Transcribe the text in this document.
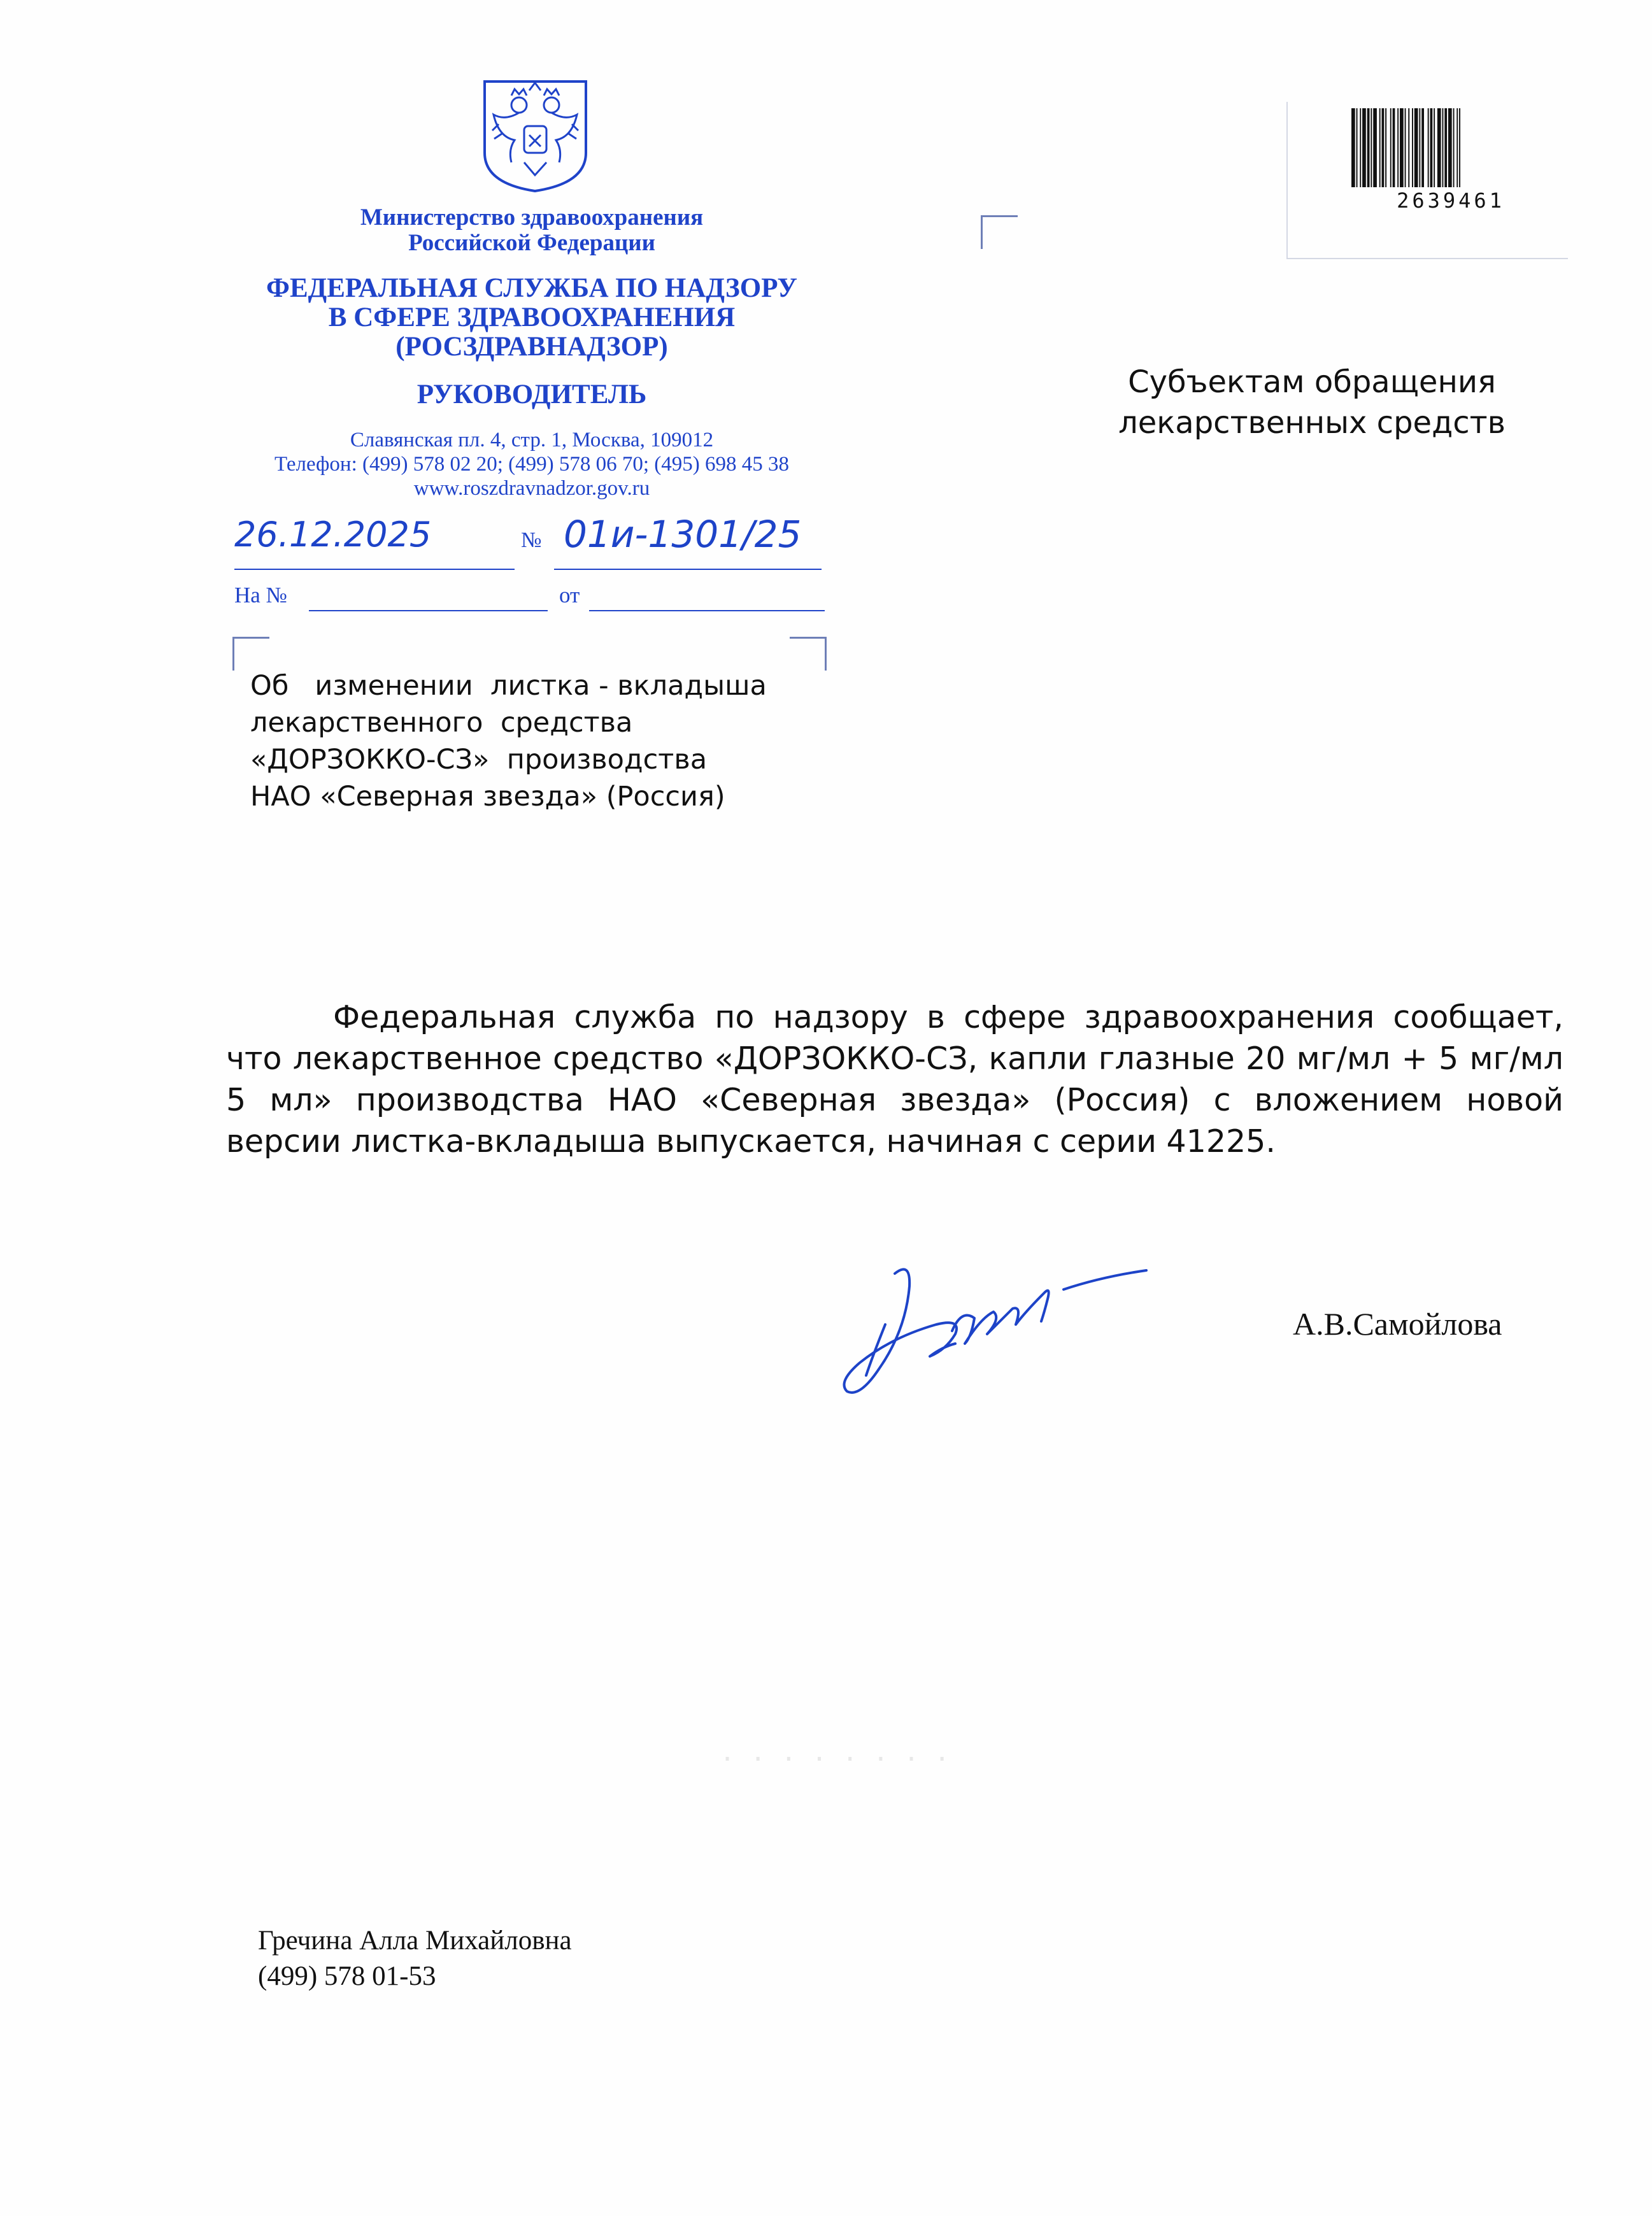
Министерство здравоохранения
Российской Федерации
ФЕДЕРАЛЬНАЯ СЛУЖБА ПО НАДЗОРУ
В СФЕРЕ ЗДРАВООХРАНЕНИЯ
(РОСЗДРАВНАДЗОР)
РУКОВОДИТЕЛЬ
Славянская пл. 4, стр. 1, Москва, 109012
Телефон: (499) 578 02 20; (499) 578 06 70; (495) 698 45 38
www.roszdravnadzor.gov.ru
26.12.2025	№ 01и-1301/25
На №	от
2639461
Субъектам обращения
лекарственных средств
Об   изменении  листка - вкладыша
лекарственного  средства
«ДОРЗОККО-СЗ»  производства
НАО «Северная звезда» (Россия)
Федеральная служба по надзору в сфере здравоохранения сообщает, что лекарственное средство «ДОРЗОККО-СЗ, капли глазные 20 мг/мл + 5 мг/мл 5 мл» производства НАО «Северная звезда» (Россия) с вложением новой версии листка-вкладыша выпускается, начиная с серии 41225.
А.В.Самойлова
· · · · · · · ·
Гречина Алла Михайловна
(499) 578 01-53
